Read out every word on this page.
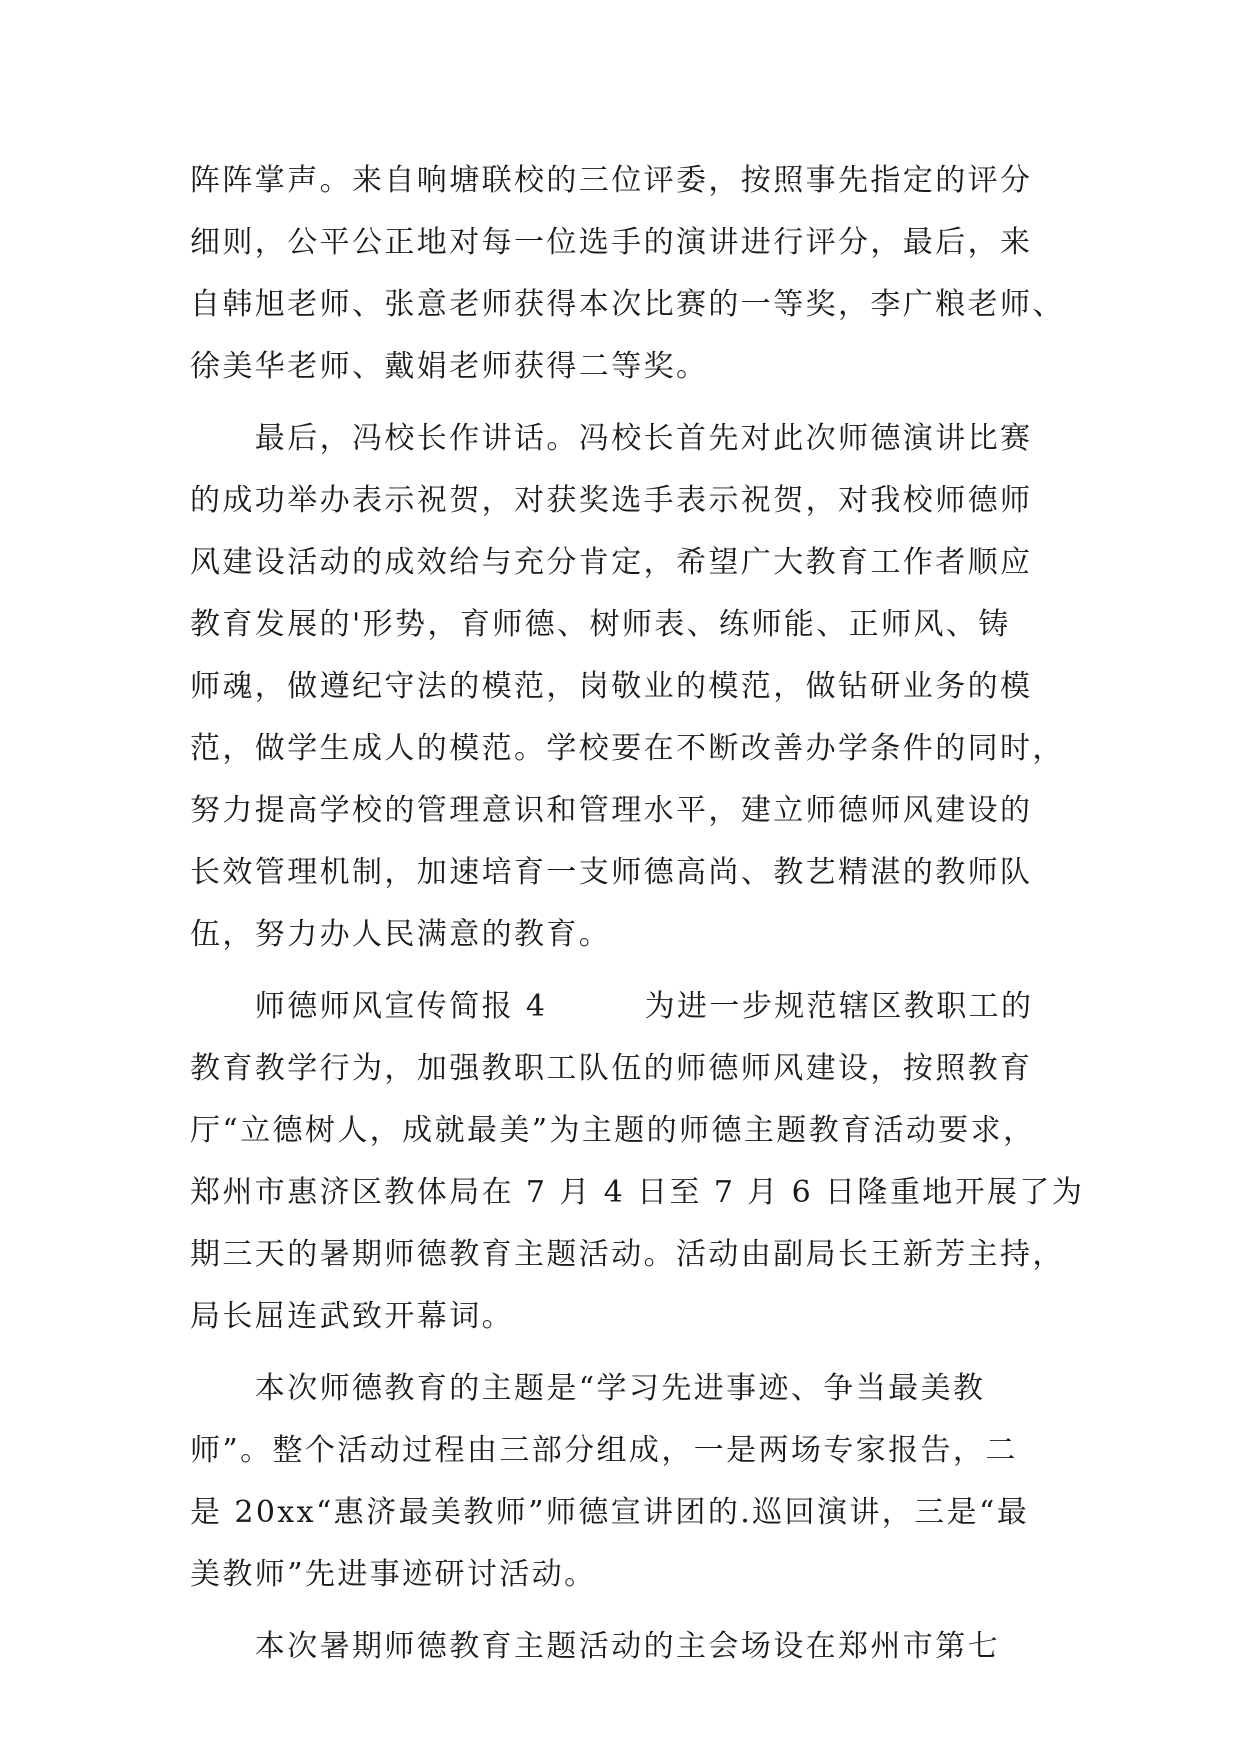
阵阵掌声。来自响塘联校的三位评委，按照事先指定的评分
细则，公平公正地对每一位选手的演讲进行评分，最后，来
自韩旭老师、张意老师获得本次比赛的一等奖，李广粮老师、
徐美华老师、戴娟老师获得二等奖。
　　最后，冯校长作讲话。冯校长首先对此次师德演讲比赛
的成功举办表示祝贺，对获奖选手表示祝贺，对我校师德师
风建设活动的成效给与充分肯定，希望广大教育工作者顺应
教育发展的'形势，育师德、树师表、练师能、正师风、铸
师魂，做遵纪守法的模范，岗敬业的模范，做钻研业务的模
范，做学生成人的模范。学校要在不断改善办学条件的同时，
努力提高学校的管理意识和管理水平，建立师德师风建设的
长效管理机制，加速培育一支师德高尚、教艺精湛的教师队
伍，努力办人民满意的教育。
　　师德师风宣传简报 4　　　为进一步规范辖区教职工的
教育教学行为，加强教职工队伍的师德师风建设，按照教育
厅“立德树人，成就最美”为主题的师德主题教育活动要求，
郑州市惠济区教体局在 7 月 4 日至 7 月 6 日隆重地开展了为
期三天的暑期师德教育主题活动。活动由副局长王新芳主持，
局长屈连武致开幕词。
　　本次师德教育的主题是“学习先进事迹、争当最美教
师”。整个活动过程由三部分组成，一是两场专家报告，二
是 20xx“惠济最美教师”师德宣讲团的.巡回演讲，三是“最
美教师”先进事迹研讨活动。
　　本次暑期师德教育主题活动的主会场设在郑州市第七
